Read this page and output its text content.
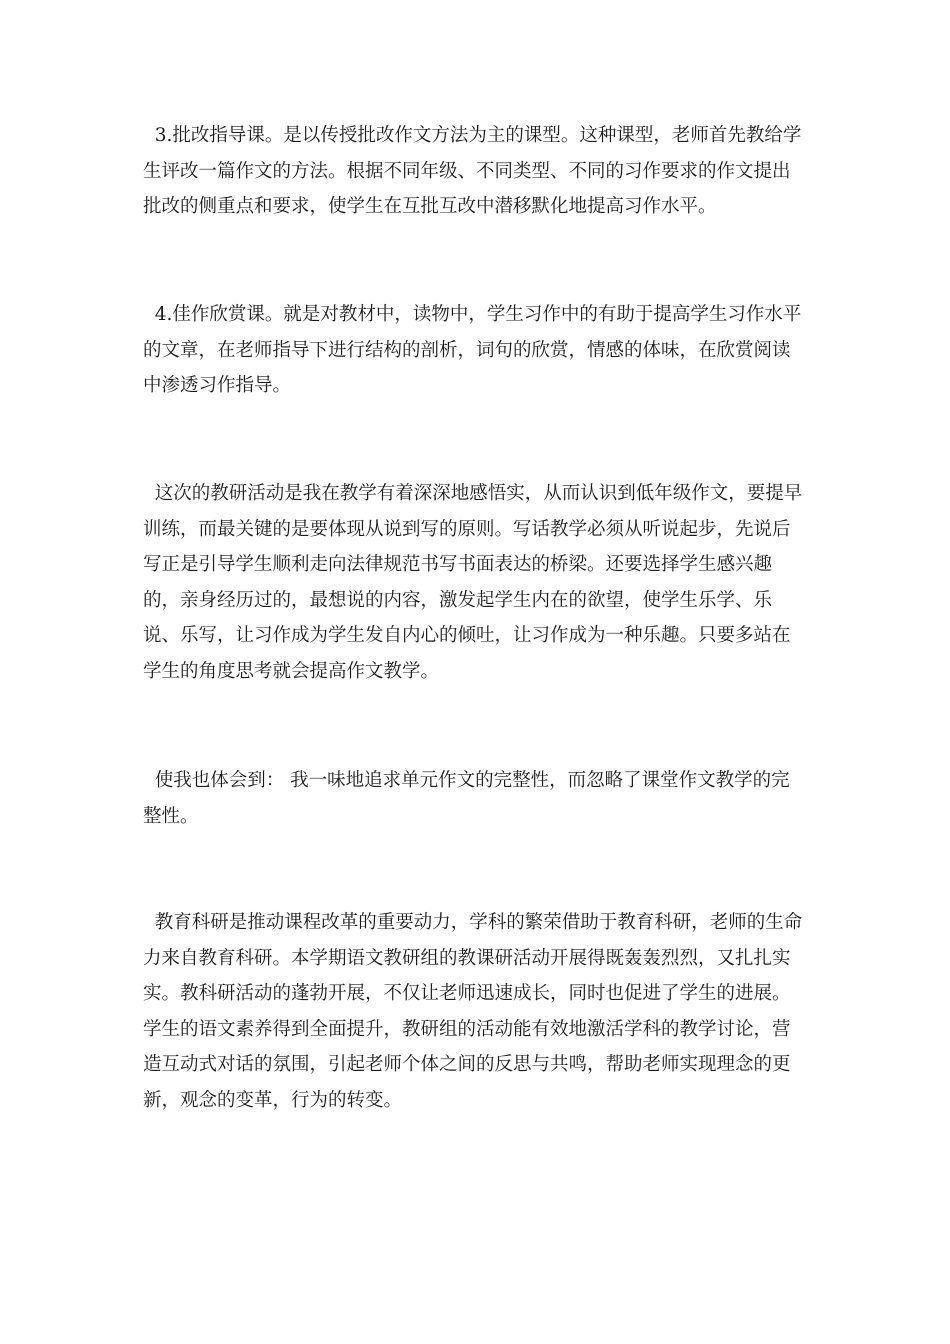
3.批改指导课。是以传授批改作文方法为主的课型。这种课型，老师首先教给学生评改一篇作文的方法。根据不同年级、不同类型、不同的习作要求的作文提出批改的侧重点和要求，使学生在互批互改中潜移默化地提高习作水平。

4.佳作欣赏课。就是对教材中，读物中，学生习作中的有助于提高学生习作水平的文章，在老师指导下进行结构的剖析，词句的欣赏，情感的体味，在欣赏阅读中渗透习作指导。

这次的教研活动是我在教学有着深深地感悟实，从而认识到低年级作文，要提早训练，而最关键的是要体现从说到写的原则。写话教学必须从听说起步，先说后写正是引导学生顺利走向法律规范书写书面表达的桥梁。还要选择学生感兴趣的，亲身经历过的，最想说的内容，激发起学生内在的欲望，使学生乐学、乐说、乐写，让习作成为学生发自内心的倾吐，让习作成为一种乐趣。只要多站在学生的角度思考就会提高作文教学。

使我也体会到： 我一味地追求单元作文的完整性，而忽略了课堂作文教学的完整性。

教育科研是推动课程改革的重要动力，学科的繁荣借助于教育科研，老师的生命力来自教育科研。本学期语文教研组的教课研活动开展得既轰轰烈烈，又扎扎实实。教科研活动的蓬勃开展，不仅让老师迅速成长，同时也促进了学生的进展。学生的语文素养得到全面提升，教研组的活动能有效地激活学科的教学讨论，营造互动式对话的氛围，引起老师个体之间的反思与共鸣，帮助老师实现理念的更新，观念的变革，行为的转变。
